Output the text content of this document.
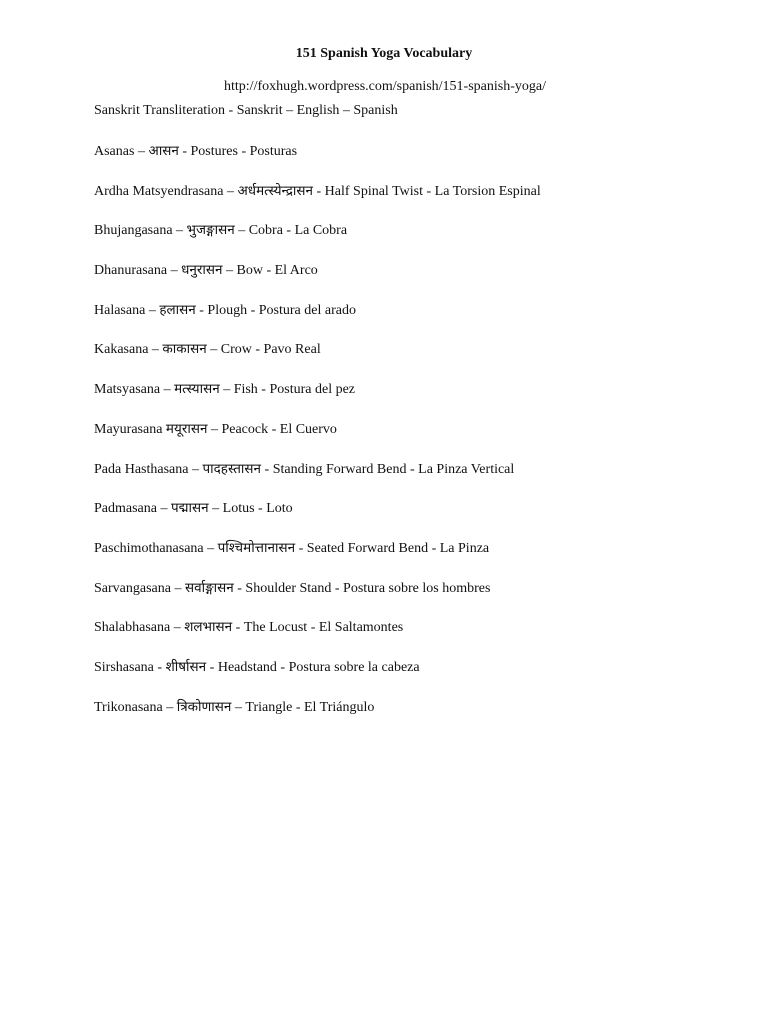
151 Spanish Yoga Vocabulary
http://foxhugh.wordpress.com/spanish/151-spanish-yoga/
Sanskrit Transliteration - Sanskrit – English – Spanish
Asanas – आसन - Postures - Posturas
Ardha Matsyendrasana – अर्धमत्स्येन्द्रासन - Half Spinal Twist - La Torsion Espinal
Bhujangasana – भुजङ्गासन – Cobra - La Cobra
Dhanurasana – धनुरासन – Bow - El Arco
Halasana – हलासन - Plough - Postura del arado
Kakasana – काकासन – Crow - Pavo Real
Matsyasana – मत्स्यासन – Fish - Postura del pez
Mayurasana मयूरासन – Peacock - El Cuervo
Pada Hasthasana – पादहस्तासन - Standing Forward Bend - La Pinza Vertical
Padmasana – पद्मासन – Lotus - Loto
Paschimothanasana – पश्चिमोत्तानासन - Seated Forward Bend - La Pinza
Sarvangasana – सर्वाङ्गासन - Shoulder Stand - Postura sobre los hombres
Shalabhasana – शलभासन - The Locust - El Saltamontes
Sirshasana - शीर्षासन - Headstand - Postura sobre la cabeza
Trikonasana – त्रिकोणासन – Triangle - El Triángulo
